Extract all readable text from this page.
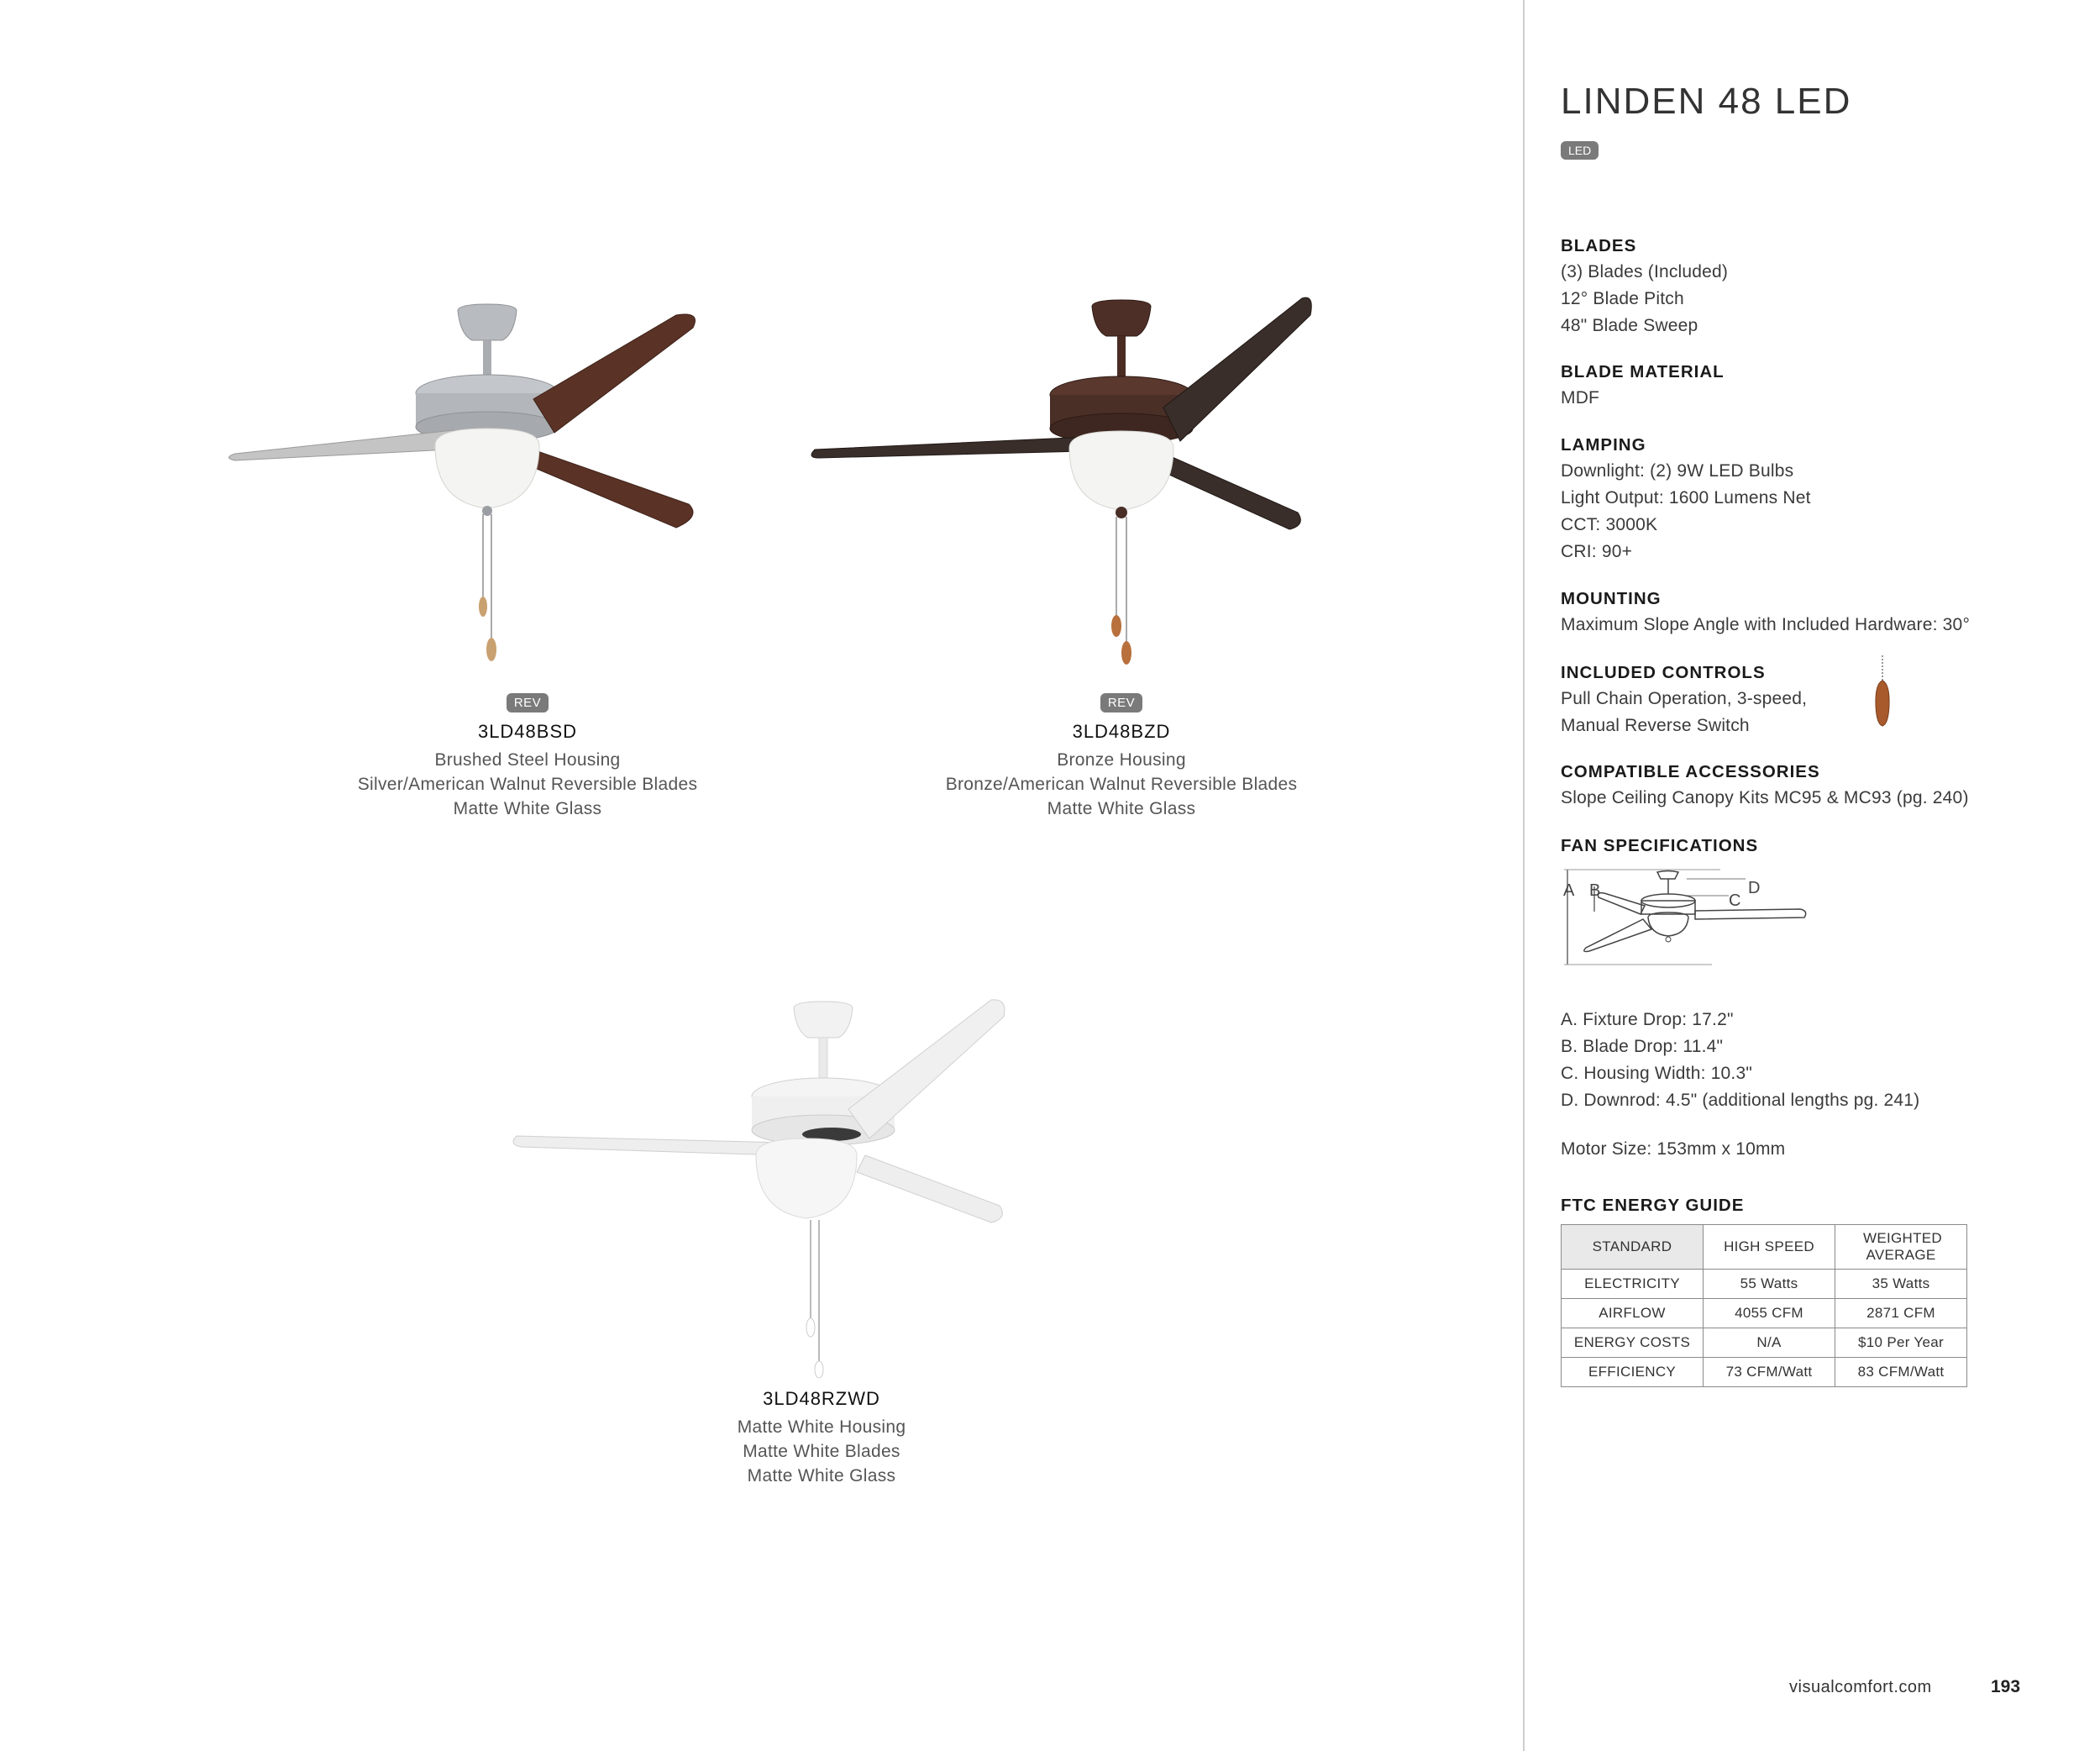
REV
3LD48BSD
Brushed Steel Housing
Silver/American Walnut Reversible Blades
Matte White Glass
REV
3LD48BZD
Bronze Housing
Bronze/American Walnut Reversible Blades
Matte White Glass
3LD48RZWD
Matte White Housing
Matte White Blades
Matte White Glass
LINDEN 48 LED
LED
BLADES
(3) Blades (Included)
12° Blade Pitch
48" Blade Sweep
BLADE MATERIAL
MDF
LAMPING
Downlight: (2) 9W LED Bulbs
Light Output: 1600 Lumens Net
CCT: 3000K
CRI: 90+
MOUNTING
Maximum Slope Angle with Included Hardware: 30°
INCLUDED CONTROLS
Pull Chain Operation, 3-speed,
Manual Reverse Switch
COMPATIBLE ACCESSORIES
Slope Ceiling Canopy Kits MC95 & MC93 (pg. 240)
FAN SPECIFICATIONS
A B
C
D
A. Fixture Drop: 17.2"
B. Blade Drop: 11.4"
C. Housing Width: 10.3"
D. Downrod: 4.5" (additional lengths pg. 241)
Motor Size: 153mm x 10mm
FTC ENERGY GUIDE
STANDARD	HIGH SPEED	WEIGHTED AVERAGE

ELECTRICITY	55 Watts	35 Watts
AIRFLOW	4055 CFM	2871 CFM
ENERGY COSTS	N/A	$10 Per Year
EFFICIENCY	73 CFM/Watt	83 CFM/Watt
visualcomfort.com	193
